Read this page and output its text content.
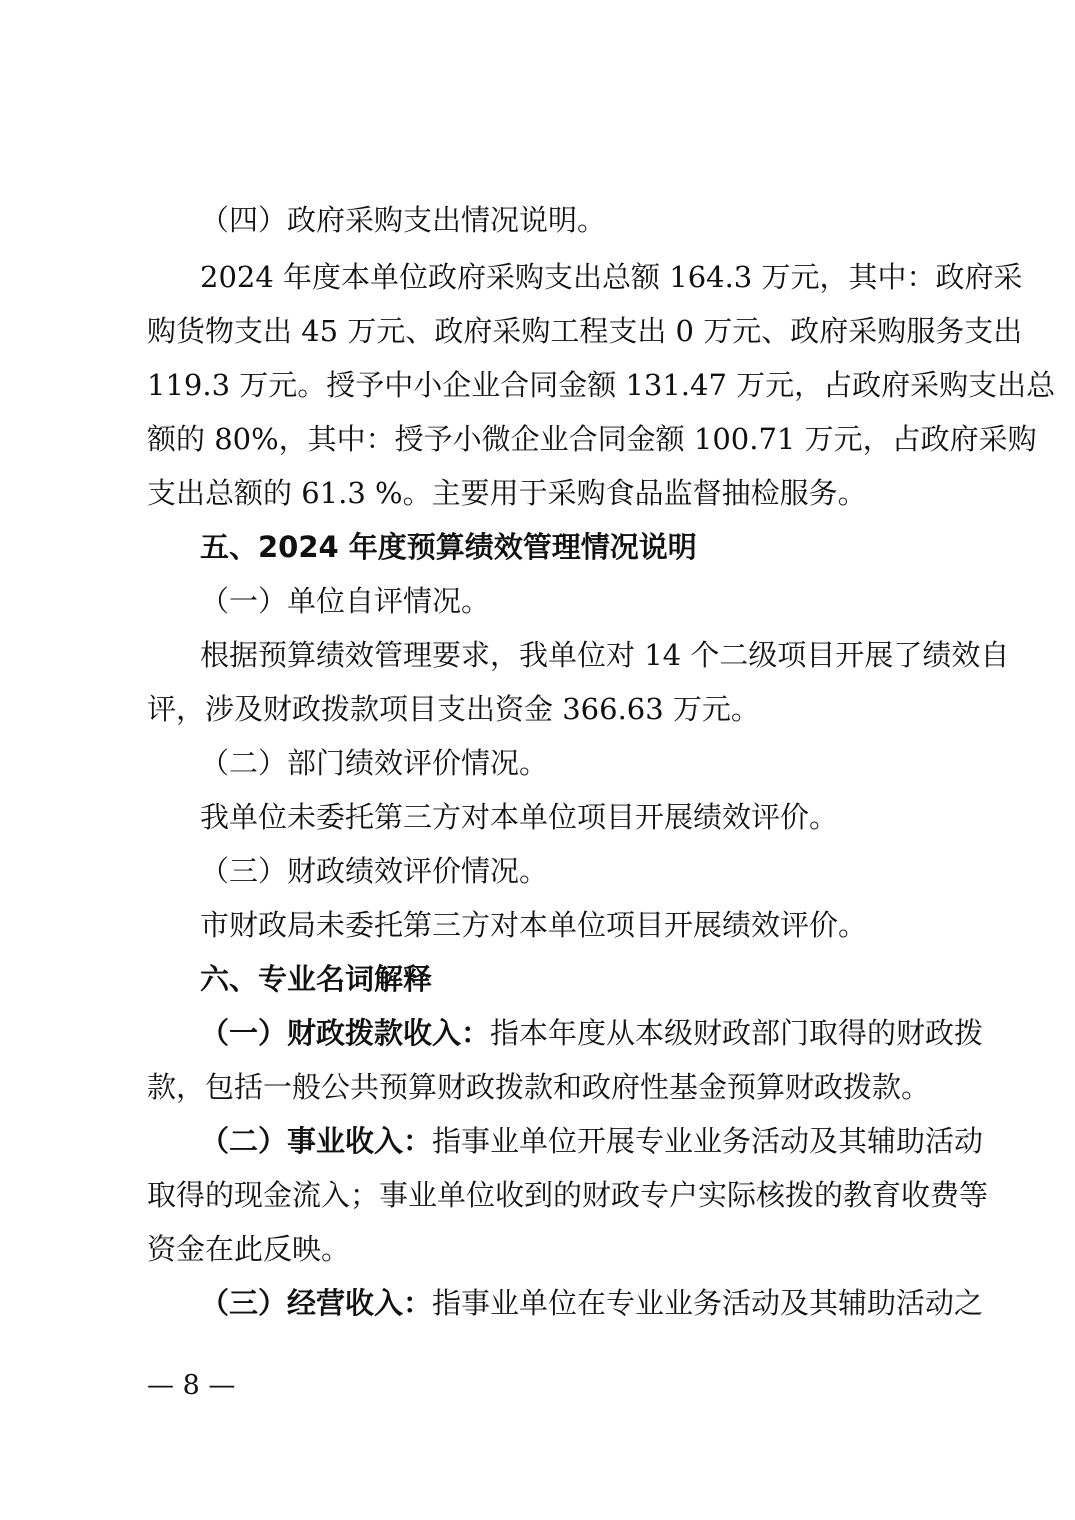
（四）政府采购支出情况说明。
2024 年度本单位政府采购支出总额 164.3 万元，其中：政府采
购货物支出 45 万元、政府采购工程支出 0 万元、政府采购服务支出
119.3 万元。授予中小企业合同金额 131.47 万元，占政府采购支出总
额的 80%，其中：授予小微企业合同金额 100.71 万元，占政府采购
支出总额的 61.3 %。主要用于采购食品监督抽检服务。
五、2024 年度预算绩效管理情况说明
（一）单位自评情况。
根据预算绩效管理要求，我单位对 14 个二级项目开展了绩效自
评，涉及财政拨款项目支出资金 366.63 万元。
（二）部门绩效评价情况。
我单位未委托第三方对本单位项目开展绩效评价。
（三）财政绩效评价情况。
市财政局未委托第三方对本单位项目开展绩效评价。
六、专业名词解释
（一）财政拨款收入：指本年度从本级财政部门取得的财政拨
款，包括一般公共预算财政拨款和政府性基金预算财政拨款。
（二）事业收入：指事业单位开展专业业务活动及其辅助活动
取得的现金流入；事业单位收到的财政专户实际核拨的教育收费等
资金在此反映。
（三）经营收入：指事业单位在专业业务活动及其辅助活动之
— 8 —
